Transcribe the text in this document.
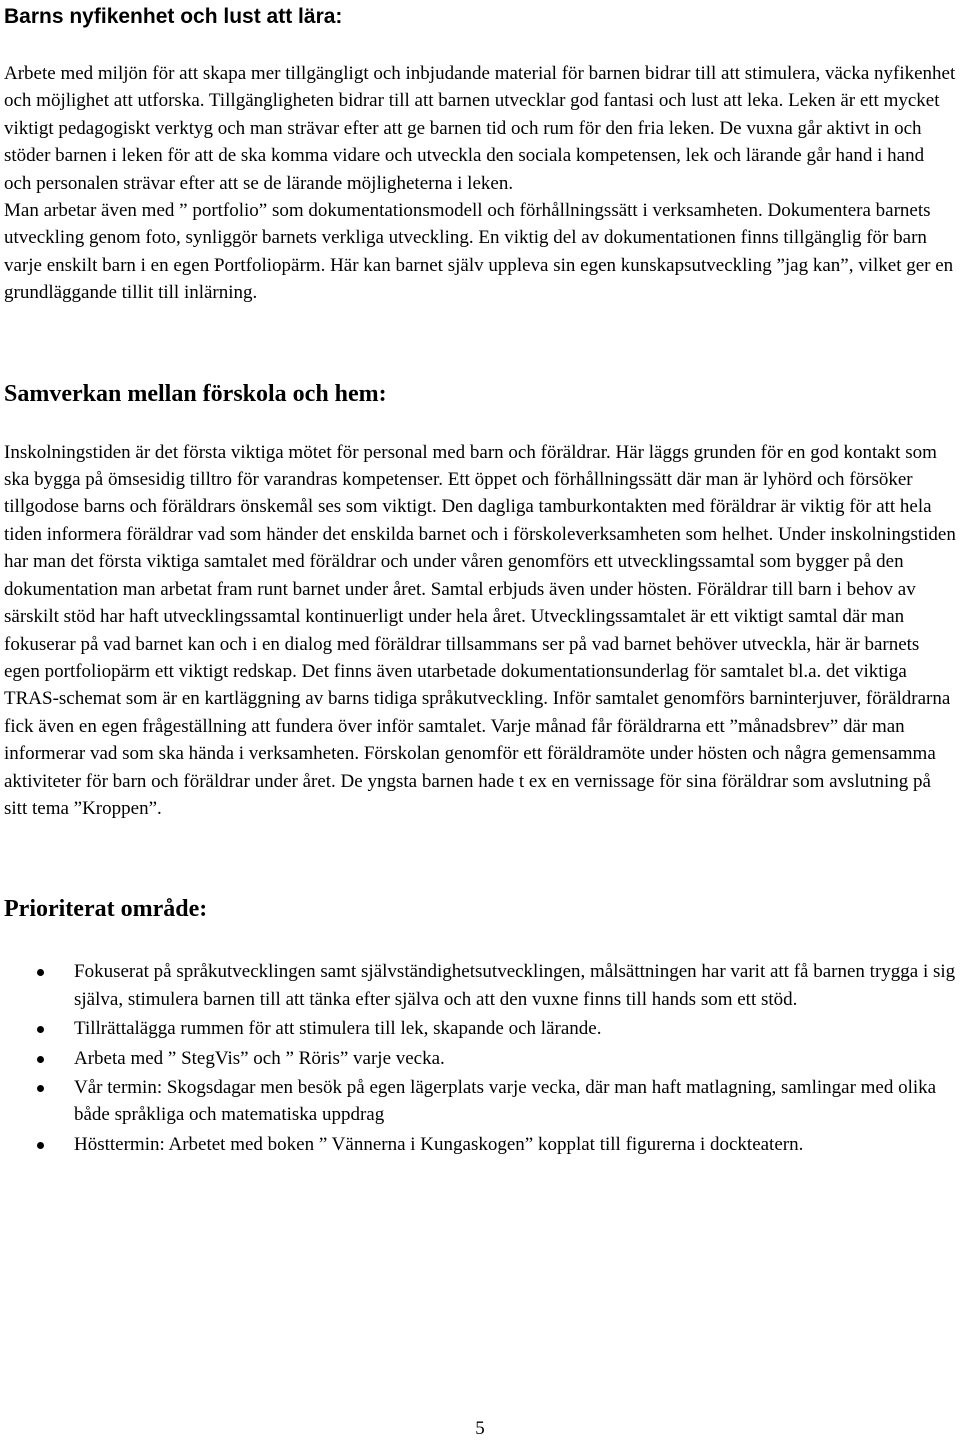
Barns nyfikenhet och lust att lära:

Arbete med miljön för att skapa mer tillgängligt och inbjudande material för barnen bidrar till att stimulera, väcka nyfikenhet och möjlighet att utforska. Tillgängligheten bidrar till att barnen utvecklar god fantasi och lust att leka. Leken är ett mycket viktigt pedagogiskt verktyg och man strävar efter att ge barnen tid och rum för den fria leken. De vuxna går aktivt in och stöder barnen i leken för att de ska komma vidare och utveckla den sociala kompetensen, lek och lärande går hand i hand och personalen strävar efter att se de lärande möjligheterna i leken.

Man arbetar även med ” portfolio” som dokumentationsmodell och förhållningssätt i verksamheten. Dokumentera barnets utveckling genom foto, synliggör barnets verkliga utveckling. En viktig del av dokumentationen finns tillgänglig för barn varje enskilt barn i en egen Portfoliopärm. Här kan barnet själv uppleva sin egen kunskapsutveckling ”jag kan”, vilket ger en grundläggande tillit till inlärning.

Samverkan mellan förskola och hem:

Inskolningstiden är det första viktiga mötet för personal med barn och föräldrar. Här läggs grunden för en god kontakt som ska bygga på ömsesidig tilltro för varandras kompetenser. Ett öppet och förhållningssätt där man är lyhörd och försöker tillgodose barns och föräldrars önskemål ses som viktigt. Den dagliga tamburkontakten med föräldrar är viktig för att hela tiden informera föräldrar vad som händer det enskilda barnet och i förskoleverksamheten som helhet. Under inskolningstiden har man det första viktiga samtalet med föräldrar och under våren genomförs ett utvecklingssamtal som bygger på den dokumentation man arbetat fram runt barnet under året. Samtal erbjuds även under hösten. Föräldrar till barn i behov av särskilt stöd har haft utvecklingssamtal kontinuerligt under hela året. Utvecklingssamtalet är ett viktigt samtal där man fokuserar på vad barnet kan och i en dialog med föräldrar tillsammans ser på vad barnet behöver utveckla, här är barnets egen portfoliopärm ett viktigt redskap. Det finns även utarbetade dokumentationsunderlag för samtalet bl.a. det viktiga TRAS-schemat som är en kartläggning av barns tidiga språkutveckling. Inför samtalet genomförs barninterjuver, föräldrarna fick även en egen frågeställning att fundera över inför samtalet. Varje månad får föräldrarna ett ”månadsbrev” där man informerar vad som ska hända i verksamheten. Förskolan genomför ett föräldramöte under hösten och några gemensamma aktiviteter för barn och föräldrar under året. De yngsta barnen hade t ex en vernissage för sina föräldrar som avslutning på sitt tema ”Kroppen”.

Prioriterat område:
Fokuserat på språkutvecklingen samt självständighetsutvecklingen, målsättningen har varit att få barnen trygga i sig själva, stimulera barnen till att tänka efter själva och att den vuxne finns till hands som ett stöd.
Tillrättalägga rummen för att stimulera till lek, skapande och lärande.
Arbeta med ” StegVis” och ” Röris” varje vecka.
Vår termin: Skogsdagar men besök på egen lägerplats varje vecka, där man haft matlagning, samlingar med olika både språkliga och matematiska uppdrag
Hösttermin: Arbetet med boken ” Vännerna i Kungaskogen” kopplat till figurerna i dockteatern.
5
